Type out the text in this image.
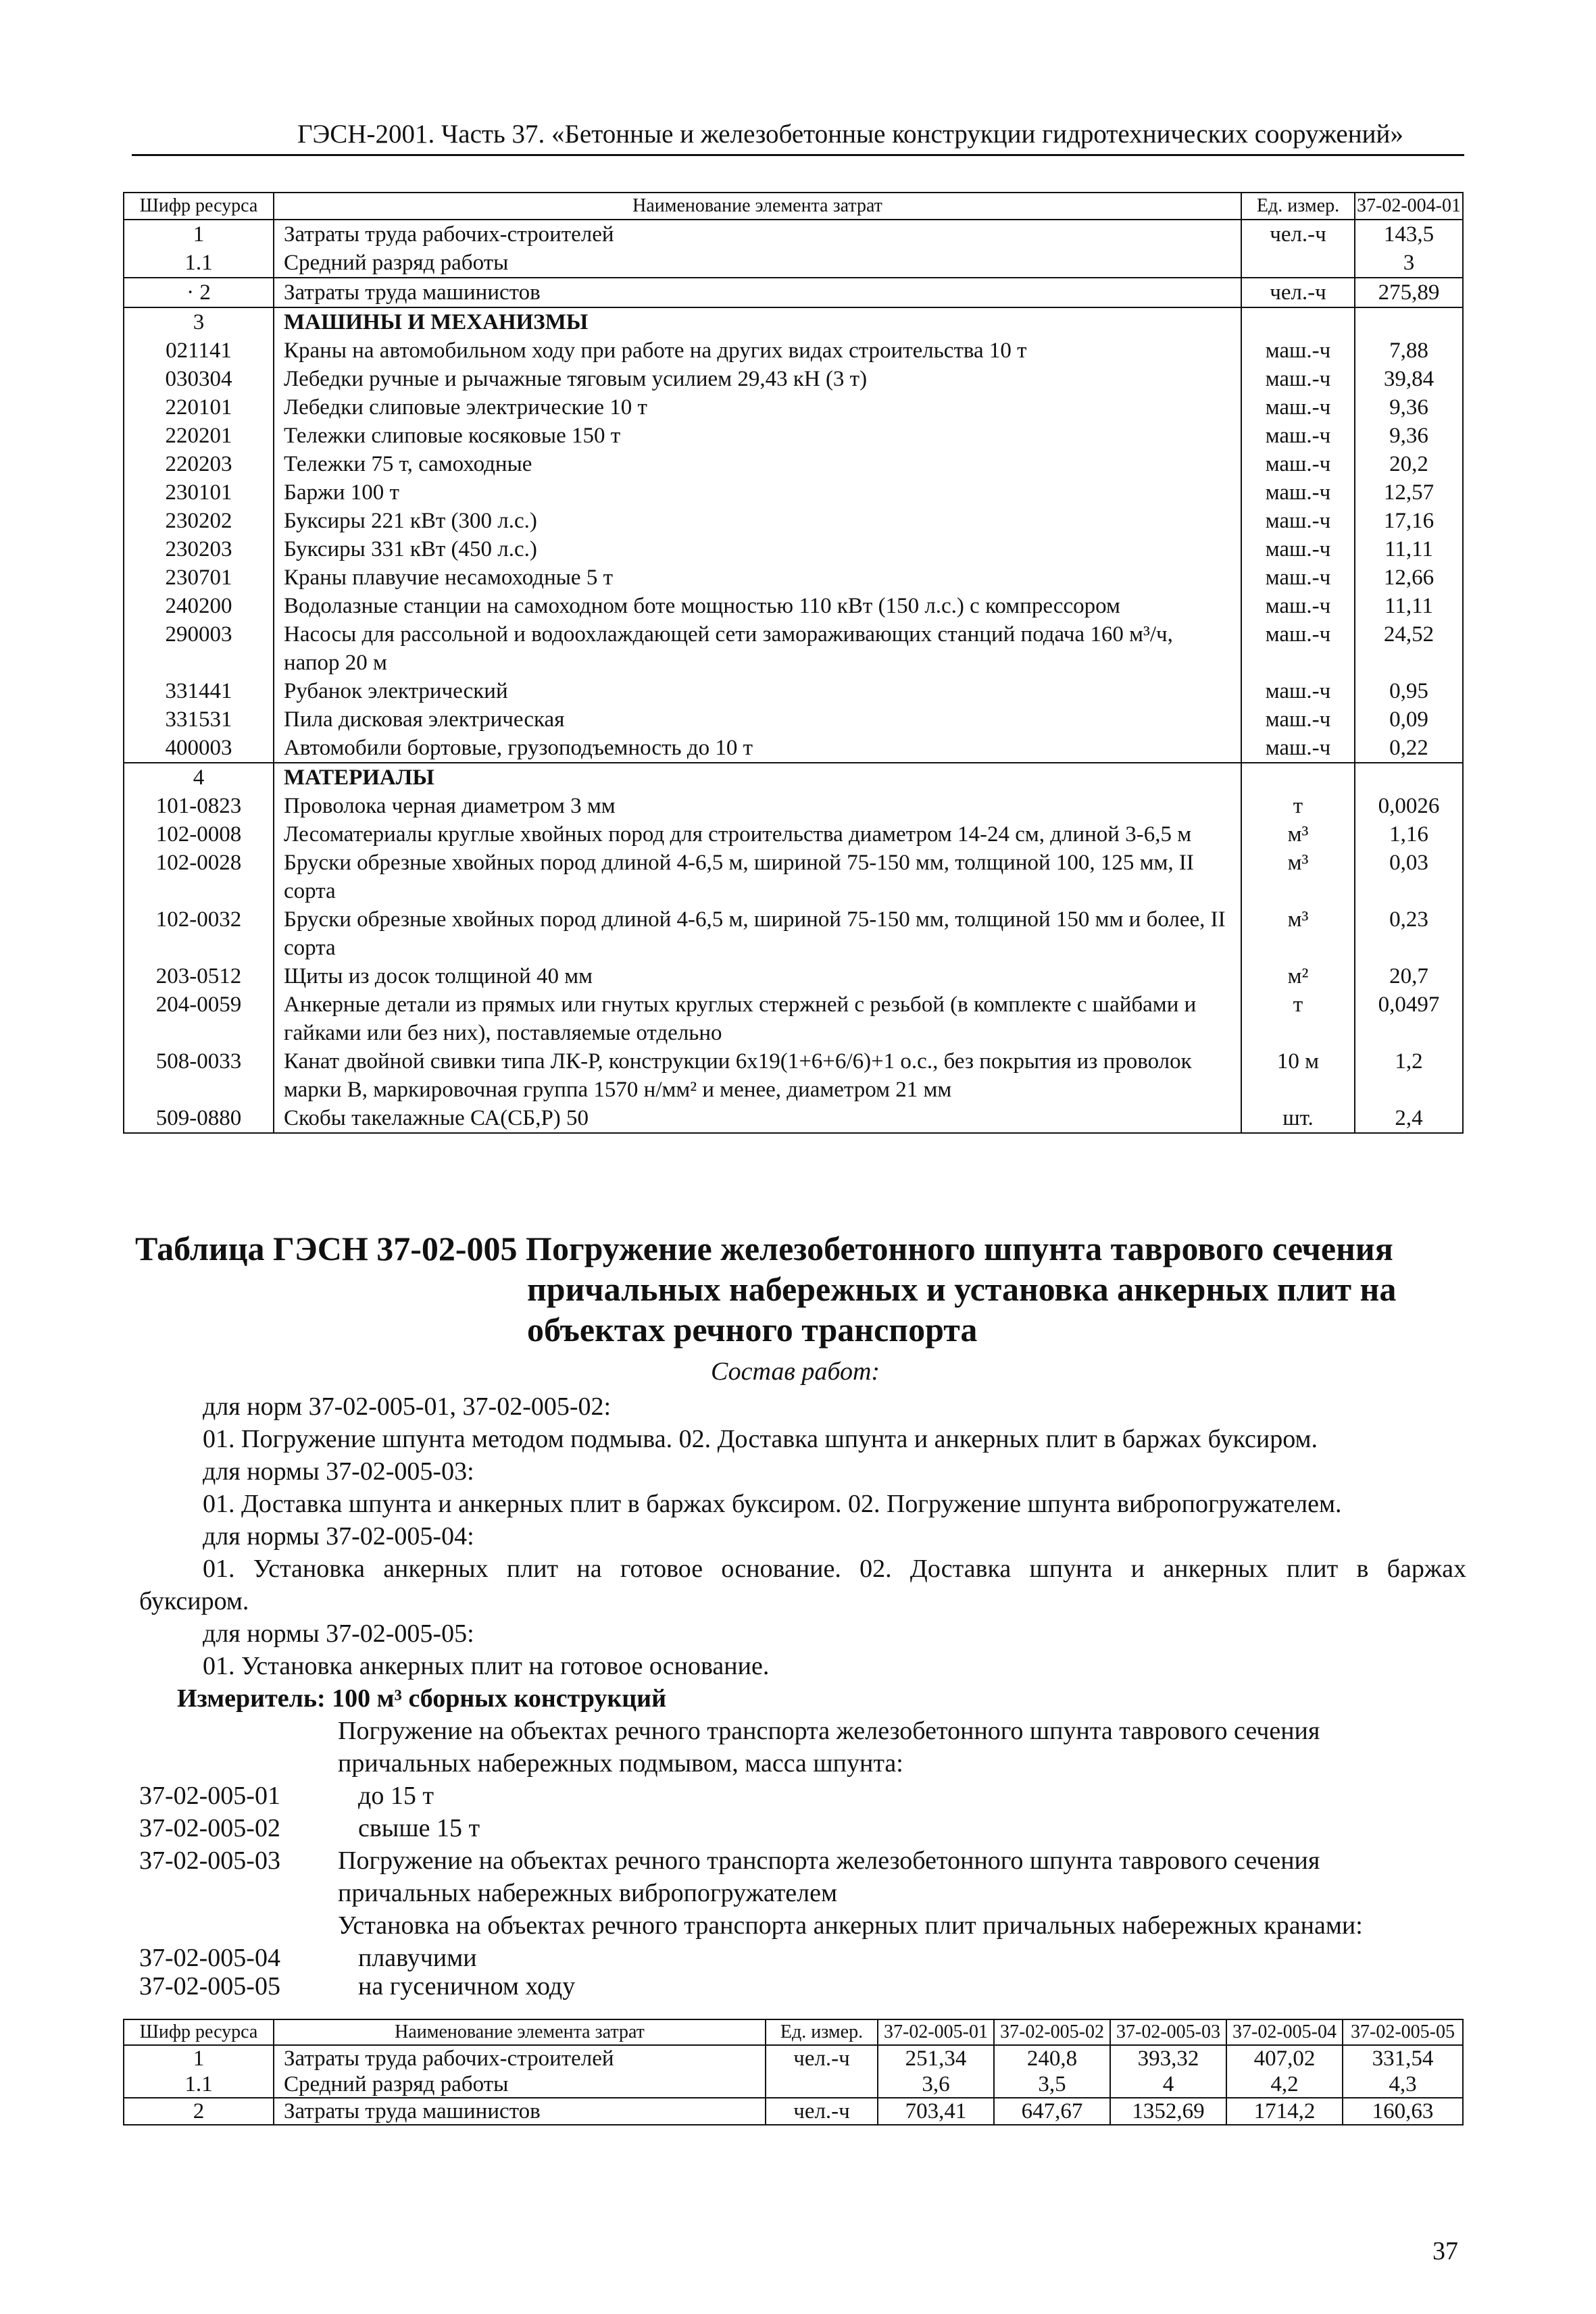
ГЭСН-2001. Часть 37. «Бетонные и железобетонные конструкции гидротехнических сооружений»
Шифр ресурса	Наименование элемента затрат	Ед. измер.	37-02-004-01
1	Затраты труда рабочих-строителей	чел.-ч	143,5
1.1	Средний разряд работы		3
· 2	Затраты труда машинистов	чел.-ч	275,89
3	МАШИНЫ И МЕХАНИЗМЫ		
021141	Краны на автомобильном ходу при работе на других видах строительства 10 т	маш.-ч	7,88
030304	Лебедки ручные и рычажные тяговым усилием 29,43 кН (3 т)	маш.-ч	39,84
220101	Лебедки слиповые электрические 10 т	маш.-ч	9,36
220201	Тележки слиповые косяковые 150 т	маш.-ч	9,36
220203	Тележки 75 т, самоходные	маш.-ч	20,2
230101	Баржи 100 т	маш.-ч	12,57
230202	Буксиры 221 кВт (300 л.с.)	маш.-ч	17,16
230203	Буксиры 331 кВт (450 л.с.)	маш.-ч	11,11
230701	Краны плавучие несамоходные 5 т	маш.-ч	12,66
240200	Водолазные станции на самоходном боте мощностью 110 кВт (150 л.с.) с компрессором	маш.-ч	11,11
290003	Насосы для рассольной и водоохлаждающей сети замораживающих станций подача 160 м³/ч, напор 20 м	маш.-ч	24,52
331441	Рубанок электрический	маш.-ч	0,95
331531	Пила дисковая электрическая	маш.-ч	0,09
400003	Автомобили бортовые, грузоподъемность до 10 т	маш.-ч	0,22
4	МАТЕРИАЛЫ		
101-0823	Проволока черная диаметром 3 мм	т	0,0026
102-0008	Лесоматериалы круглые хвойных пород для строительства диаметром 14-24 см, длиной 3-6,5 м	м³	1,16
102-0028	Бруски обрезные хвойных пород длиной 4-6,5 м, шириной 75-150 мм, толщиной 100, 125 мм, II сорта	м³	0,03
102-0032	Бруски обрезные хвойных пород длиной 4-6,5 м, шириной 75-150 мм, толщиной 150 мм и более, II сорта	м³	0,23
203-0512	Щиты из досок толщиной 40 мм	м²	20,7
204-0059	Анкерные детали из прямых или гнутых круглых стержней с резьбой (в комплекте с шайбами и гайками или без них), поставляемые отдельно	т	0,0497
508-0033	Канат двойной свивки типа ЛК-Р, конструкции 6х19(1+6+6/6)+1 о.с., без покрытия из проволок марки В, маркировочная группа 1570 н/мм² и менее, диаметром 21 мм	10 м	1,2
509-0880	Скобы такелажные СА(СБ,Р) 50	шт.	2,4
Таблица ГЭСН 37-02-005 Погружение железобетонного шпунта таврового сечения
причальных набережных и установка анкерных плит на
объектах речного транспорта
Состав работ:
для норм 37-02-005-01, 37-02-005-02:
01. Погружение шпунта методом подмыва. 02. Доставка шпунта и анкерных плит в баржах буксиром.
для нормы 37-02-005-03:
01. Доставка шпунта и анкерных плит в баржах буксиром. 02. Погружение шпунта вибропогружателем.
для нормы 37-02-005-04:
01. Установка анкерных плит на готовое основание. 02. Доставка шпунта и анкерных плит в баржах
буксиром.
для нормы 37-02-005-05:
01. Установка анкерных плит на готовое основание.
Измеритель: 100 м³ сборных конструкций
Погружение на объектах речного транспорта железобетонного шпунта таврового сечения
причальных набережных подмывом, масса шпунта:
37-02-005-01	до 15 т
37-02-005-02	свыше 15 т
37-02-005-03 Погружение на объектах речного транспорта железобетонного шпунта таврового сечения
причальных набережных вибропогружателем
Установка на объектах речного транспорта анкерных плит причальных набережных кранами:
37-02-005-04	плавучими
37-02-005-05	на гусеничном ходу
Шифр ресурса	Наименование элемента затрат	Ед. измер.	37-02-005-01	37-02-005-02	37-02-005-03	37-02-005-04	37-02-005-05
1	Затраты труда рабочих-строителей	чел.-ч	251,34	240,8	393,32	407,02	331,54
1.1	Средний разряд работы		3,6	3,5	4	4,2	4,3
2	Затраты труда машинистов	чел.-ч	703,41	647,67	1352,69	1714,2	160,63
37
